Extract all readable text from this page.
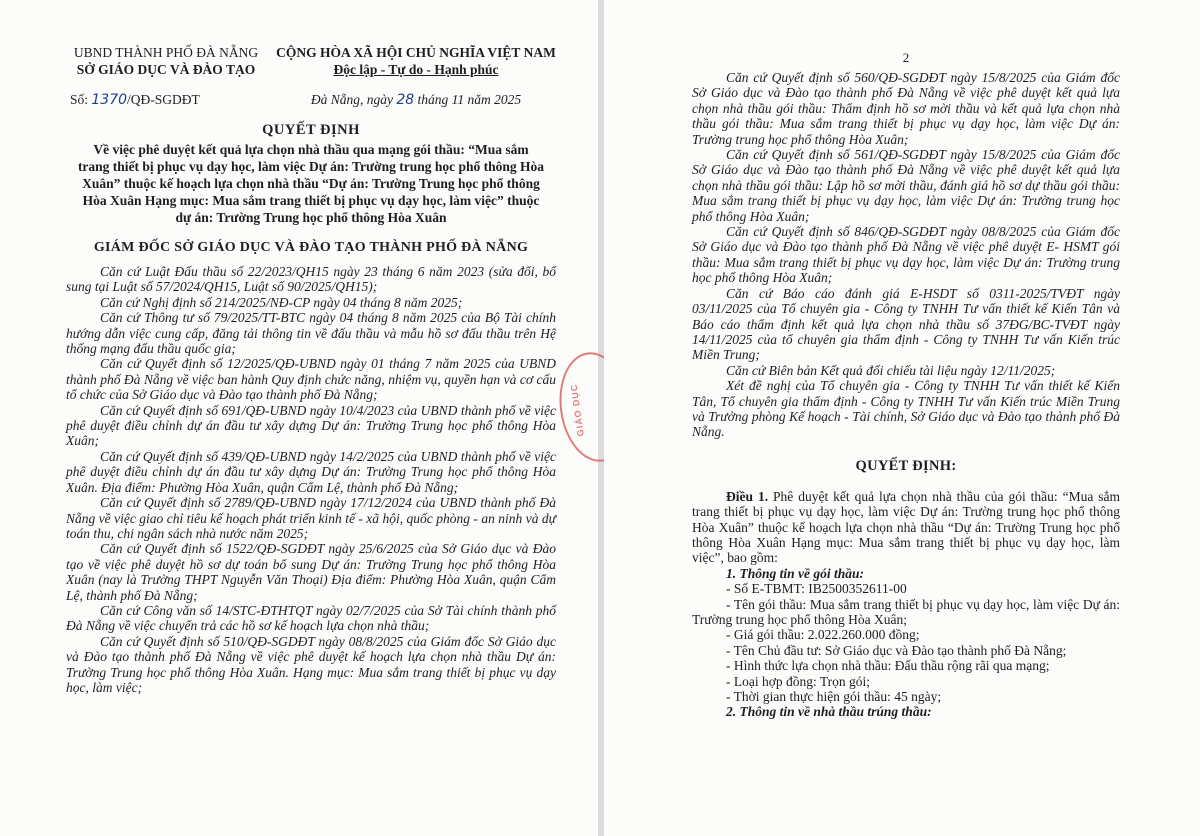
UBND THÀNH PHỐ ĐÀ NẴNG
SỞ GIÁO DỤC VÀ ĐÀO TẠO
CỘNG HÒA XÃ HỘI CHỦ NGHĨA VIỆT NAM
Độc lập - Tự do - Hạnh phúc
Số: 1370/QĐ-SGDĐT	Đà Nẵng, ngày 28 tháng 11 năm 2025
QUYẾT ĐỊNH
Về việc phê duyệt kết quả lựa chọn nhà thầu qua mạng gói thầu: “Mua sắm trang thiết bị phục vụ dạy học, làm việc Dự án: Trường trung học phổ thông Hòa Xuân” thuộc kế hoạch lựa chọn nhà thầu “Dự án: Trường Trung học phổ thông Hòa Xuân Hạng mục: Mua sắm trang thiết bị phục vụ dạy học, làm việc” thuộc dự án: Trường Trung học phổ thông Hòa Xuân
GIÁM ĐỐC SỞ GIÁO DỤC VÀ ĐÀO TẠO THÀNH PHỐ ĐÀ NẴNG

Căn cứ Luật Đấu thầu số 22/2023/QH15 ngày 23 tháng 6 năm 2023 (sửa đổi, bổ sung tại Luật số 57/2024/QH15, Luật số 90/2025/QH15);

Căn cứ Nghị định số 214/2025/NĐ-CP ngày 04 tháng 8 năm 2025;

Căn cứ Thông tư số 79/2025/TT-BTC ngày 04 tháng 8 năm 2025 của Bộ Tài chính hướng dẫn việc cung cấp, đăng tải thông tin về đấu thầu và mẫu hồ sơ đấu thầu trên Hệ thống mạng đấu thầu quốc gia;

Căn cứ Quyết định số 12/2025/QĐ-UBND ngày 01 tháng 7 năm 2025 của UBND thành phố Đà Nẵng về việc ban hành Quy định chức năng, nhiệm vụ, quyền hạn và cơ cấu tổ chức của Sở Giáo dục và Đào tạo thành phố Đà Nẵng;

Căn cứ Quyết định số 691/QĐ-UBND ngày 10/4/2023 của UBND thành phố về việc phê duyệt điều chỉnh dự án đầu tư xây dựng Dự án: Trường Trung học phổ thông Hòa Xuân;

Căn cứ Quyết định số 439/QĐ-UBND ngày 14/2/2025 của UBND thành phố về việc phê duyệt điều chỉnh dự án đầu tư xây dựng Dự án: Trường Trung học phổ thông Hòa Xuân. Địa điểm: Phường Hòa Xuân, quận Cẩm Lệ, thành phố Đà Nẵng;

Căn cứ Quyết định số 2789/QĐ-UBND ngày 17/12/2024 của UBND thành phố Đà Nẵng về việc giao chỉ tiêu kế hoạch phát triển kinh tế - xã hội, quốc phòng - an ninh và dự toán thu, chi ngân sách nhà nước năm 2025;

Căn cứ Quyết định số 1522/QĐ-SGDĐT ngày 25/6/2025 của Sở Giáo dục và Đào tạo về việc phê duyệt hồ sơ dự toán bổ sung Dự án: Trường Trung học phổ thông Hòa Xuân (nay là Trường THPT Nguyễn Văn Thoại) Địa điểm: Phường Hòa Xuân, quận Cẩm Lệ, thành phố Đà Nẵng;

Căn cứ Công văn số 14/STC-ĐTHTQT ngày 02/7/2025 của Sở Tài chính thành phố Đà Nẵng về việc chuyển trả các hồ sơ kế hoạch lựa chọn nhà thầu;

Căn cứ Quyết định số 510/QĐ-SGDĐT ngày 08/8/2025 của Giám đốc Sở Giáo dục và Đào tạo thành phố Đà Nẵng về việc phê duyệt kế hoạch lựa chọn nhà thầu Dự án: Trường Trung học phổ thông Hòa Xuân. Hạng mục: Mua sắm trang thiết bị phục vụ dạy học, làm việc;

GIÁO DỤC
2

Căn cứ Quyết định số 560/QĐ-SGDĐT ngày 15/8/2025 của Giám đốc Sở Giáo dục và Đào tạo thành phố Đà Nẵng về việc phê duyệt kết quả lựa chọn nhà thầu gói thầu: Thẩm định hồ sơ mời thầu và kết quả lựa chọn nhà thầu gói thầu: Mua sắm trang thiết bị phục vụ dạy học, làm việc Dự án: Trường trung học phổ thông Hòa Xuân;

Căn cứ Quyết định số 561/QĐ-SGDĐT ngày 15/8/2025 của Giám đốc Sở Giáo dục và Đào tạo thành phố Đà Nẵng về việc phê duyệt kết quả lựa chọn nhà thầu gói thầu: Lập hồ sơ mời thầu, đánh giá hồ sơ dự thầu gói thầu: Mua sắm trang thiết bị phục vụ dạy học, làm việc Dự án: Trường trung học phổ thông Hòa Xuân;

Căn cứ Quyết định số 846/QĐ-SGDĐT ngày 08/8/2025 của Giám đốc Sở Giáo dục và Đào tạo thành phố Đà Nẵng về việc phê duyệt E- HSMT gói thầu: Mua sắm trang thiết bị phục vụ dạy học, làm việc Dự án: Trường trung học phổ thông Hòa Xuân;

Căn cứ Báo cáo đánh giá E-HSDT số 0311-2025/TVĐT ngày 03/11/2025 của Tổ chuyên gia - Công ty TNHH Tư vấn thiết kế Kiến Tân và Báo cáo thẩm định kết quả lựa chọn nhà thầu số 37ĐG/BC-TVĐT ngày 14/11/2025 của tổ chuyên gia thẩm định - Công ty TNHH Tư vấn Kiến trúc Miền Trung;

Căn cứ Biên bản Kết quả đối chiếu tài liệu ngày 12/11/2025;

Xét đề nghị của Tổ chuyên gia - Công ty TNHH Tư vấn thiết kế Kiến Tân, Tổ chuyên gia thẩm định - Công ty TNHH Tư vấn Kiến trúc Miền Trung và Trưởng phòng Kế hoạch - Tài chính, Sở Giáo dục và Đào tạo thành phố Đà Nẵng.

QUYẾT ĐỊNH:

Điều 1. Phê duyệt kết quả lựa chọn nhà thầu của gói thầu: “Mua sắm trang thiết bị phục vụ dạy học, làm việc Dự án: Trường trung học phổ thông Hòa Xuân” thuộc kế hoạch lựa chọn nhà thầu “Dự án: Trường Trung học phổ thông Hòa Xuân Hạng mục: Mua sắm trang thiết bị phục vụ dạy học, làm việc”, bao gồm:

1. Thông tin về gói thầu:

- Số E-TBMT: IB2500352611-00

- Tên gói thầu: Mua sắm trang thiết bị phục vụ dạy học, làm việc Dự án: Trường trung học phổ thông Hòa Xuân;

- Giá gói thầu: 2.022.260.000 đồng;

- Tên Chủ đầu tư: Sở Giáo dục và Đào tạo thành phố Đà Nẵng;

- Hình thức lựa chọn nhà thầu: Đấu thầu rộng rãi qua mạng;

- Loại hợp đồng: Trọn gói;

- Thời gian thực hiện gói thầu: 45 ngày;

2. Thông tin về nhà thầu trúng thầu:
